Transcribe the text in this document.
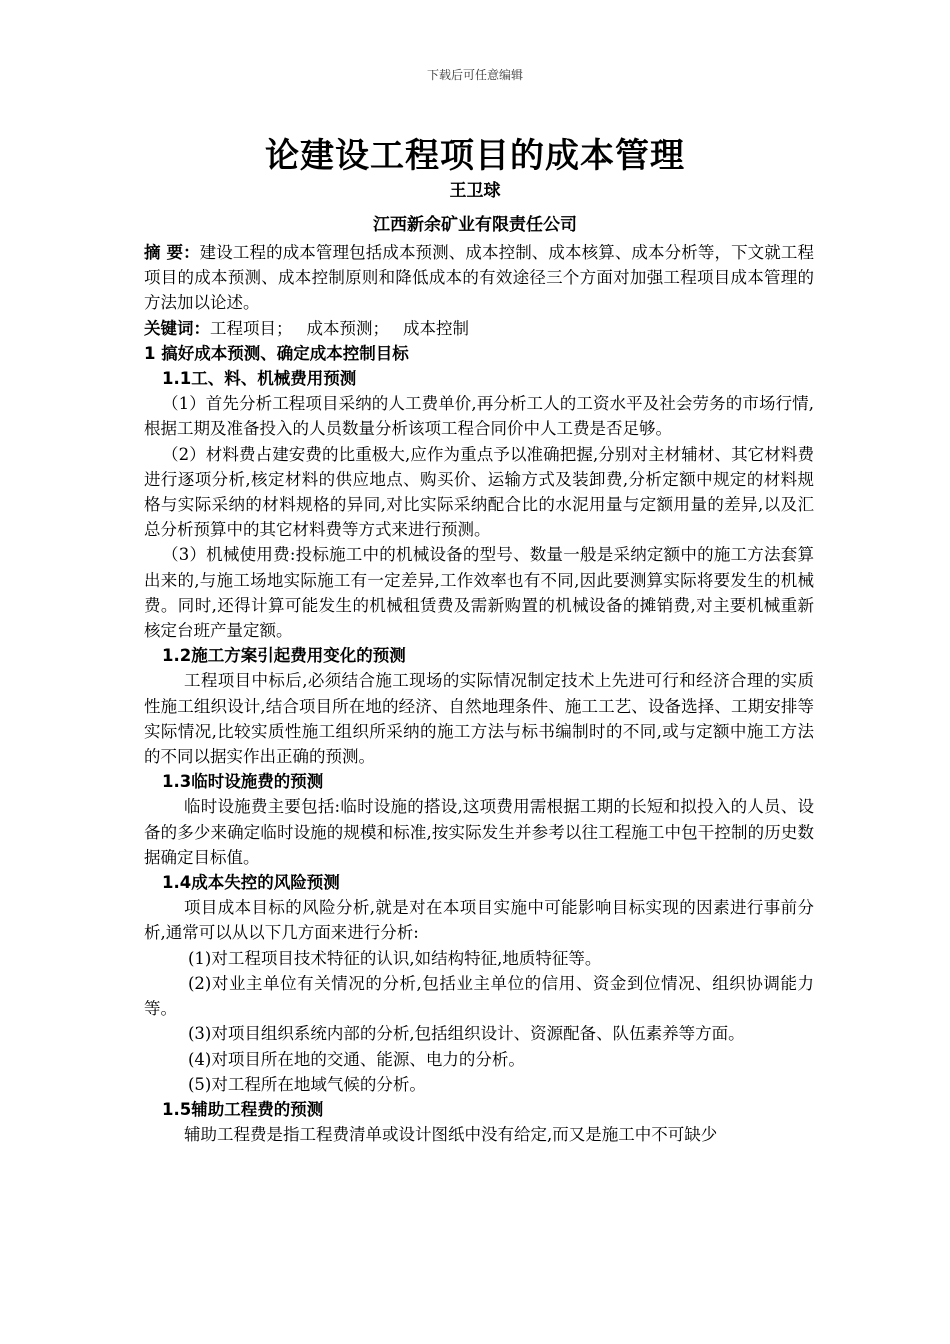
下载后可任意编辑
论建设工程项目的成本管理
王卫球
江西新余矿业有限责任公司

摘 要：建设工程的成本管理包括成本预测、成本控制、成本核算、成本分析等，下文就工程项目的成本预测、成本控制原则和降低成本的有效途径三个方面对加强工程项目成本管理的方法加以论述。

关键词：工程项目； 成本预测； 成本控制

1 搞好成本预测、确定成本控制目标

1.1工、料、机械费用预测

（1）首先分析工程项目采纳的人工费单价,再分析工人的工资水平及社会劳务的市场行情,根据工期及准备投入的人员数量分析该项工程合同价中人工费是否足够。

（2）材料费占建安费的比重极大,应作为重点予以准确把握,分别对主材辅材、其它材料费进行逐项分析,核定材料的供应地点、购买价、运输方式及装卸费,分析定额中规定的材料规格与实际采纳的材料规格的异同,对比实际采纳配合比的水泥用量与定额用量的差异,以及汇总分析预算中的其它材料费等方式来进行预测。

（3）机械使用费:投标施工中的机械设备的型号、数量一般是采纳定额中的施工方法套算出来的,与施工场地实际施工有一定差异,工作效率也有不同,因此要测算实际将要发生的机械费。同时,还得计算可能发生的机械租赁费及需新购置的机械设备的摊销费,对主要机械重新核定台班产量定额。

1.2施工方案引起费用变化的预测

工程项目中标后,必须结合施工现场的实际情况制定技术上先进可行和经济合理的实质性施工组织设计,结合项目所在地的经济、自然地理条件、施工工艺、设备选择、工期安排等实际情况,比较实质性施工组织所采纳的施工方法与标书编制时的不同,或与定额中施工方法的不同以据实作出正确的预测。

1.3临时设施费的预测

临时设施费主要包括:临时设施的搭设,这项费用需根据工期的长短和拟投入的人员、设备的多少来确定临时设施的规模和标准,按实际发生并参考以往工程施工中包干控制的历史数据确定目标值。

1.4成本失控的风险预测

项目成本目标的风险分析,就是对在本项目实施中可能影响目标实现的因素进行事前分析,通常可以从以下几方面来进行分析:

(1)对工程项目技术特征的认识,如结构特征,地质特征等。

(2)对业主单位有关情况的分析,包括业主单位的信用、资金到位情况、组织协调能力等。

(3)对项目组织系统内部的分析,包括组织设计、资源配备、队伍素养等方面。

(4)对项目所在地的交通、能源、电力的分析。

(5)对工程所在地域气候的分析。

1.5辅助工程费的预测

辅助工程费是指工程费清单或设计图纸中没有给定,而又是施工中不可缺少
